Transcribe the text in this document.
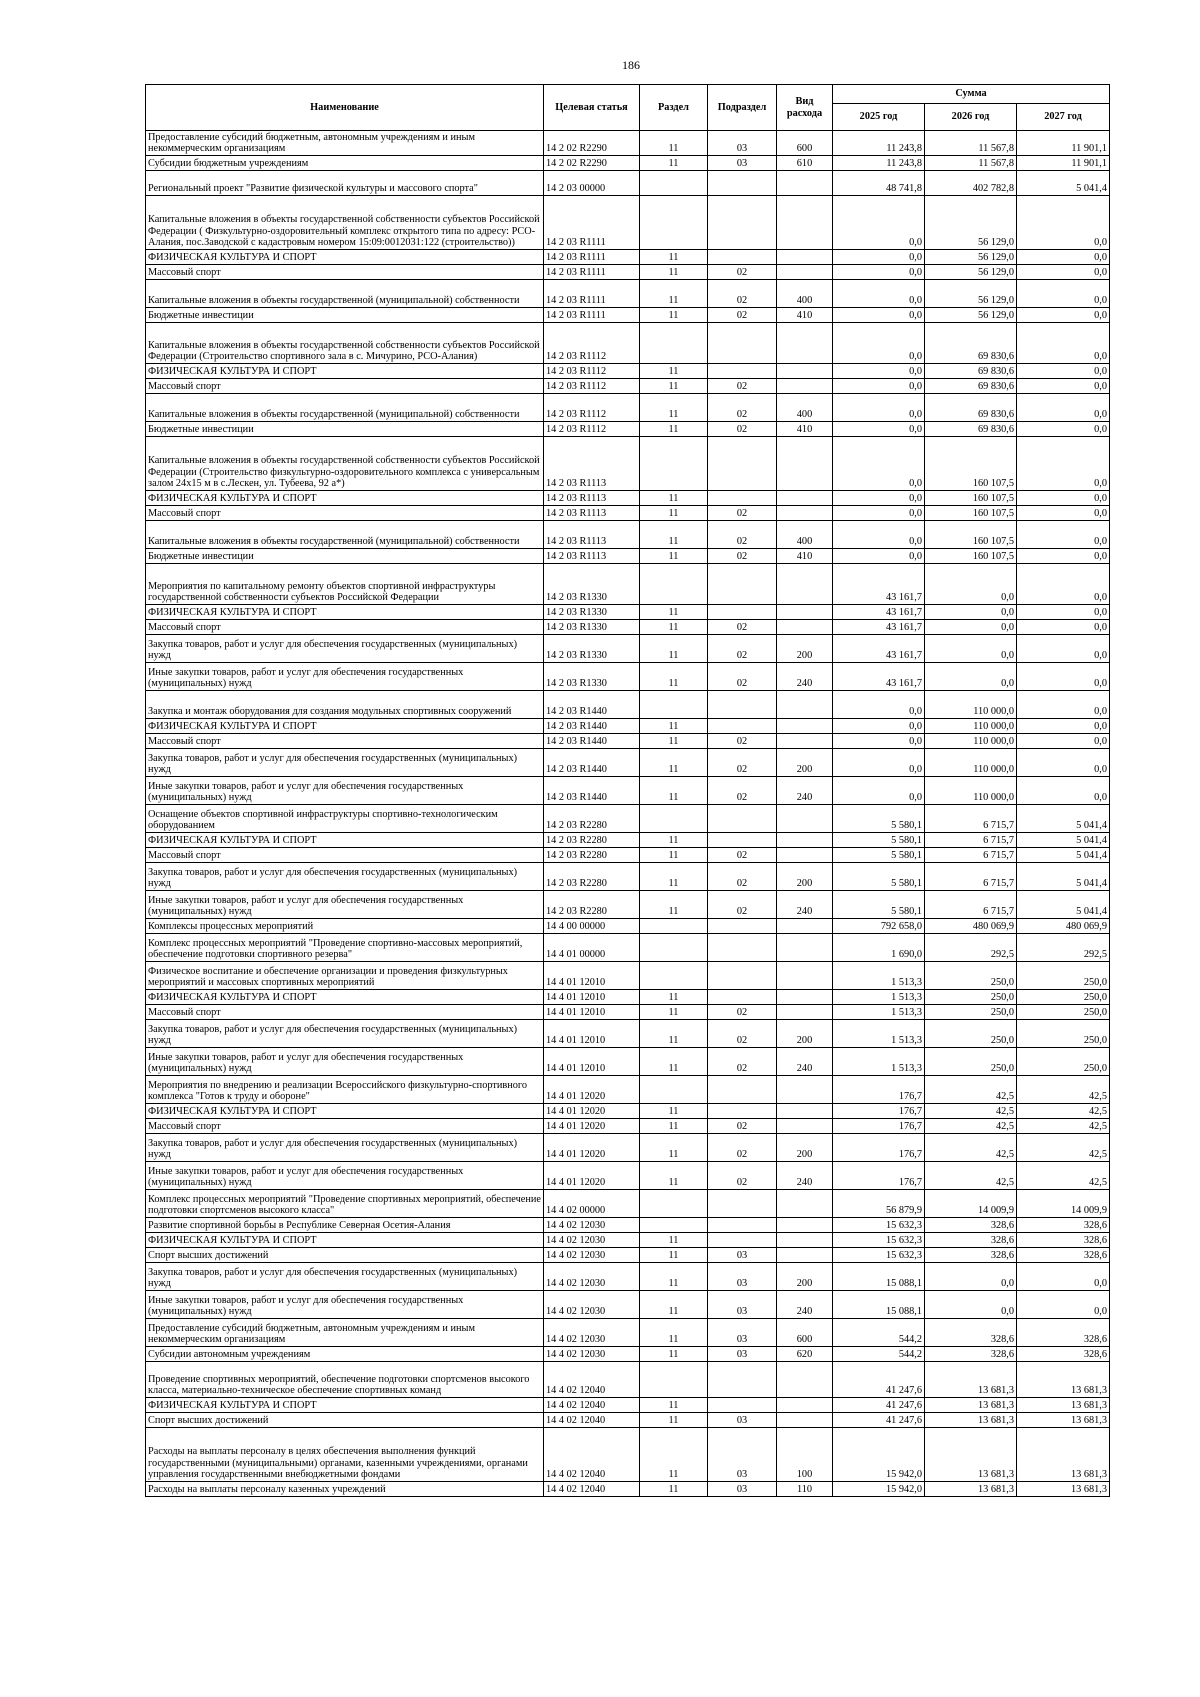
186
Наименование	Целевая статья	Раздел	Подраздел	Вид расхода	Сумма		
					2025 год	2026 год	2027 год
Предоставление субсидий бюджетным, автономным учреждениям и иным некоммерческим организациям	14 2 02 R2290	11	03	600	11 243,8	11 567,8	11 901,1
Субсидии бюджетным учреждениям	14 2 02 R2290	11	03	610	11 243,8	11 567,8	11 901,1
Региональный проект "Развитие физической культуры и массового спорта"	14 2 03 00000				48 741,8	402 782,8	5 041,4
Капитальные вложения в объекты государственной собственности субъектов Российской Федерации ( Физкультурно-оздоровительный комплекс открытого типа по адресу: РСО-Алания, пос.Заводской с кадастровым номером 15:09:0012031:122 (строительство))	14 2 03 R1111				0,0	56 129,0	0,0
ФИЗИЧЕСКАЯ КУЛЬТУРА И СПОРТ	14 2 03 R1111	11			0,0	56 129,0	0,0
Массовый спорт	14 2 03 R1111	11	02		0,0	56 129,0	0,0
Капитальные вложения в объекты государственной (муниципальной) собственности	14 2 03 R1111	11	02	400	0,0	56 129,0	0,0
Бюджетные инвестиции	14 2 03 R1111	11	02	410	0,0	56 129,0	0,0
Капитальные вложения в объекты государственной собственности субъектов Российской Федерации (Строительство спортивного зала в с. Мичурино, РСО-Алания)	14 2 03 R1112				0,0	69 830,6	0,0
ФИЗИЧЕСКАЯ КУЛЬТУРА И СПОРТ	14 2 03 R1112	11			0,0	69 830,6	0,0
Массовый спорт	14 2 03 R1112	11	02		0,0	69 830,6	0,0
Капитальные вложения в объекты государственной (муниципальной) собственности	14 2 03 R1112	11	02	400	0,0	69 830,6	0,0
Бюджетные инвестиции	14 2 03 R1112	11	02	410	0,0	69 830,6	0,0
Капитальные вложения в объекты государственной собственности субъектов Российской Федерации (Строительство физкультурно-оздоровительного комплекса с универсальным залом 24х15 м в с.Лескен, ул. Тубеева, 92 а*)	14 2 03 R1113				0,0	160 107,5	0,0
ФИЗИЧЕСКАЯ КУЛЬТУРА И СПОРТ	14 2 03 R1113	11			0,0	160 107,5	0,0
Массовый спорт	14 2 03 R1113	11	02		0,0	160 107,5	0,0
Капитальные вложения в объекты государственной (муниципальной) собственности	14 2 03 R1113	11	02	400	0,0	160 107,5	0,0
Бюджетные инвестиции	14 2 03 R1113	11	02	410	0,0	160 107,5	0,0
Мероприятия по капитальному ремонту объектов спортивной инфраструктуры государственной собственности субъектов Российской Федерации	14 2 03 R1330				43 161,7	0,0	0,0
ФИЗИЧЕСКАЯ КУЛЬТУРА И СПОРТ	14 2 03 R1330	11			43 161,7	0,0	0,0
Массовый спорт	14 2 03 R1330	11	02		43 161,7	0,0	0,0
Закупка товаров, работ и услуг для обеспечения государственных (муниципальных) нужд	14 2 03 R1330	11	02	200	43 161,7	0,0	0,0
Иные закупки товаров, работ и услуг для обеспечения государственных (муниципальных) нужд	14 2 03 R1330	11	02	240	43 161,7	0,0	0,0
Закупка и монтаж оборудования для создания модульных спортивных сооружений	14 2 03 R1440				0,0	110 000,0	0,0
ФИЗИЧЕСКАЯ КУЛЬТУРА И СПОРТ	14 2 03 R1440	11			0,0	110 000,0	0,0
Массовый спорт	14 2 03 R1440	11	02		0,0	110 000,0	0,0
Закупка товаров, работ и услуг для обеспечения государственных (муниципальных) нужд	14 2 03 R1440	11	02	200	0,0	110 000,0	0,0
Иные закупки товаров, работ и услуг для обеспечения государственных (муниципальных) нужд	14 2 03 R1440	11	02	240	0,0	110 000,0	0,0
Оснащение объектов спортивной инфраструктуры спортивно-технологическим оборудованием	14 2 03 R2280				5 580,1	6 715,7	5 041,4
ФИЗИЧЕСКАЯ КУЛЬТУРА И СПОРТ	14 2 03 R2280	11			5 580,1	6 715,7	5 041,4
Массовый спорт	14 2 03 R2280	11	02		5 580,1	6 715,7	5 041,4
Закупка товаров, работ и услуг для обеспечения государственных (муниципальных) нужд	14 2 03 R2280	11	02	200	5 580,1	6 715,7	5 041,4
Иные закупки товаров, работ и услуг для обеспечения государственных (муниципальных) нужд	14 2 03 R2280	11	02	240	5 580,1	6 715,7	5 041,4
Комплексы процессных мероприятий	14 4 00 00000				792 658,0	480 069,9	480 069,9
Комплекс процессных мероприятий "Проведение спортивно-массовых мероприятий, обеспечение подготовки спортивного резерва"	14 4 01 00000				1 690,0	292,5	292,5
Физическое воспитание и обеспечение организации и проведения физкультурных мероприятий и массовых спортивных мероприятий	14 4 01 12010				1 513,3	250,0	250,0
ФИЗИЧЕСКАЯ КУЛЬТУРА И СПОРТ	14 4 01 12010	11			1 513,3	250,0	250,0
Массовый спорт	14 4 01 12010	11	02		1 513,3	250,0	250,0
Закупка товаров, работ и услуг для обеспечения государственных (муниципальных) нужд	14 4 01 12010	11	02	200	1 513,3	250,0	250,0
Иные закупки товаров, работ и услуг для обеспечения государственных (муниципальных) нужд	14 4 01 12010	11	02	240	1 513,3	250,0	250,0
Мероприятия по внедрению и реализации Всероссийского физкультурно-спортивного комплекса "Готов к труду и обороне"	14 4 01 12020				176,7	42,5	42,5
ФИЗИЧЕСКАЯ КУЛЬТУРА И СПОРТ	14 4 01 12020	11			176,7	42,5	42,5
Массовый спорт	14 4 01 12020	11	02		176,7	42,5	42,5
Закупка товаров, работ и услуг для обеспечения государственных (муниципальных) нужд	14 4 01 12020	11	02	200	176,7	42,5	42,5
Иные закупки товаров, работ и услуг для обеспечения государственных (муниципальных) нужд	14 4 01 12020	11	02	240	176,7	42,5	42,5
Комплекс процессных мероприятий "Проведение спортивных мероприятий, обеспечение подготовки спортсменов высокого класса"	14 4 02 00000				56 879,9	14 009,9	14 009,9
Развитие спортивной борьбы в Республике Северная Осетия-Алания	14 4 02 12030				15 632,3	328,6	328,6
ФИЗИЧЕСКАЯ КУЛЬТУРА И СПОРТ	14 4 02 12030	11			15 632,3	328,6	328,6
Спорт высших достижений	14 4 02 12030	11	03		15 632,3	328,6	328,6
Закупка товаров, работ и услуг для обеспечения государственных (муниципальных) нужд	14 4 02 12030	11	03	200	15 088,1	0,0	0,0
Иные закупки товаров, работ и услуг для обеспечения государственных (муниципальных) нужд	14 4 02 12030	11	03	240	15 088,1	0,0	0,0
Предоставление субсидий бюджетным, автономным учреждениям и иным некоммерческим организациям	14 4 02 12030	11	03	600	544,2	328,6	328,6
Субсидии автономным учреждениям	14 4 02 12030	11	03	620	544,2	328,6	328,6
Проведение спортивных мероприятий, обеспечение подготовки спортсменов высокого класса, материально-техническое обеспечение спортивных команд	14 4 02 12040				41 247,6	13 681,3	13 681,3
ФИЗИЧЕСКАЯ КУЛЬТУРА И СПОРТ	14 4 02 12040	11			41 247,6	13 681,3	13 681,3
Спорт высших достижений	14 4 02 12040	11	03		41 247,6	13 681,3	13 681,3
Расходы на выплаты персоналу в целях обеспечения выполнения функций государственными (муниципальными) органами, казенными учреждениями, органами управления государственными внебюджетными фондами	14 4 02 12040	11	03	100	15 942,0	13 681,3	13 681,3
Расходы на выплаты персоналу казенных учреждений	14 4 02 12040	11	03	110	15 942,0	13 681,3	13 681,3
